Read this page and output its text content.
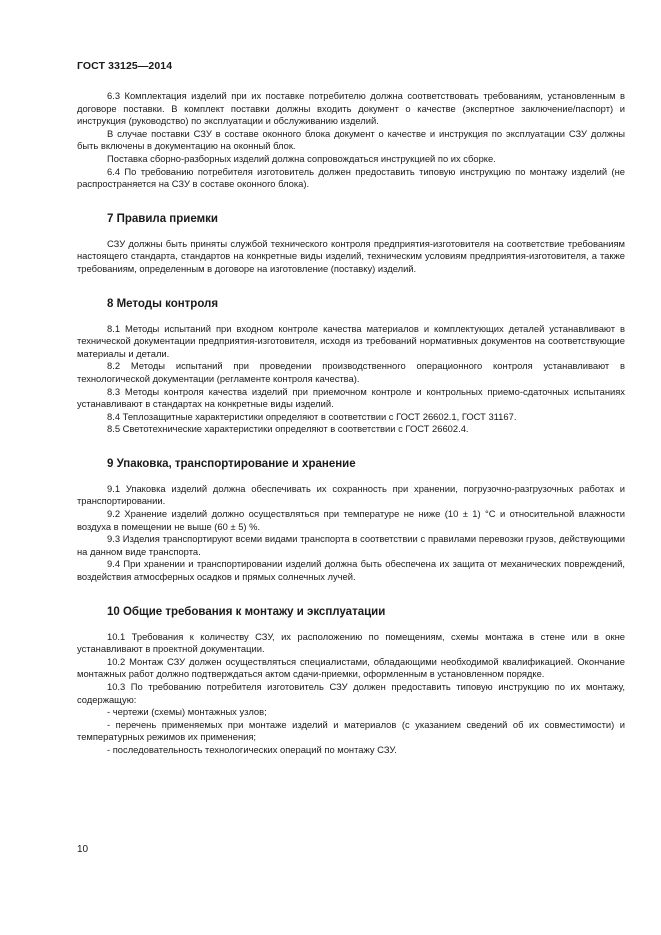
ГОСТ 33125—2014

6.3 Комплектация изделий при их поставке потребителю должна соответствовать требованиям, установленным в договоре поставки. В комплект поставки должны входить документ о качестве (экспертное заключение/паспорт) и инструкция (руководство) по эксплуатации и обслуживанию изделий.

В случае поставки СЗУ в составе оконного блока документ о качестве и инструкция по эксплуатации СЗУ должны быть включены в документацию на оконный блок.

Поставка сборно-разборных изделий должна сопровождаться инструкцией по их сборке.

6.4 По требованию потребителя изготовитель должен предоставить типовую инструкцию по монтажу изделий (не распространяется на СЗУ в составе оконного блока).

7 Правила приемки

СЗУ должны быть приняты службой технического контроля предприятия-изготовителя на соответствие требованиям настоящего стандарта, стандартов на конкретные виды изделий, техническим условиям предприятия-изготовителя, а также требованиям, определенным в договоре на изготовление (поставку) изделий.

8 Методы контроля

8.1 Методы испытаний при входном контроле качества материалов и комплектующих деталей устанавливают в технической документации предприятия-изготовителя, исходя из требований нормативных документов на соответствующие материалы и детали.

8.2 Методы испытаний при проведении производственного операционного контроля устанавливают в технологической документации (регламенте контроля качества).

8.3 Методы контроля качества изделий при приемочном контроле и контрольных приемо-сдаточных испытаниях устанавливают в стандартах на конкретные виды изделий.

8.4 Теплозащитные характеристики определяют в соответствии с ГОСТ 26602.1, ГОСТ 31167.

8.5 Светотехнические характеристики определяют в соответствии с ГОСТ 26602.4.

9 Упаковка, транспортирование и хранение

9.1 Упаковка изделий должна обеспечивать их сохранность при хранении, погрузочно-разгрузочных работах и транспортировании.

9.2 Хранение изделий должно осуществляться при температуре не ниже (10 ± 1) °С и относительной влажности воздуха в помещении не выше (60 ± 5) %.

9.3 Изделия транспортируют всеми видами транспорта в соответствии с правилами перевозки грузов, действующими на данном виде транспорта.

9.4 При хранении и транспортировании изделий должна быть обеспечена их защита от механических повреждений, воздействия атмосферных осадков и прямых солнечных лучей.

10 Общие требования к монтажу и эксплуатации

10.1 Требования к количеству СЗУ, их расположению по помещениям, схемы монтажа в стене или в окне устанавливают в проектной документации.

10.2 Монтаж СЗУ должен осуществляться специалистами, обладающими необходимой квалификацией. Окончание монтажных работ должно подтверждаться актом сдачи-приемки, оформленным в установленном порядке.

10.3 По требованию потребителя изготовитель СЗУ должен предоставить типовую инструкцию по их монтажу, содержащую:

- чертежи (схемы) монтажных узлов;
- перечень применяемых при монтаже изделий и материалов (с указанием сведений об их совместимости) и температурных режимов их применения;
- последовательность технологических операций по монтажу СЗУ.
10
